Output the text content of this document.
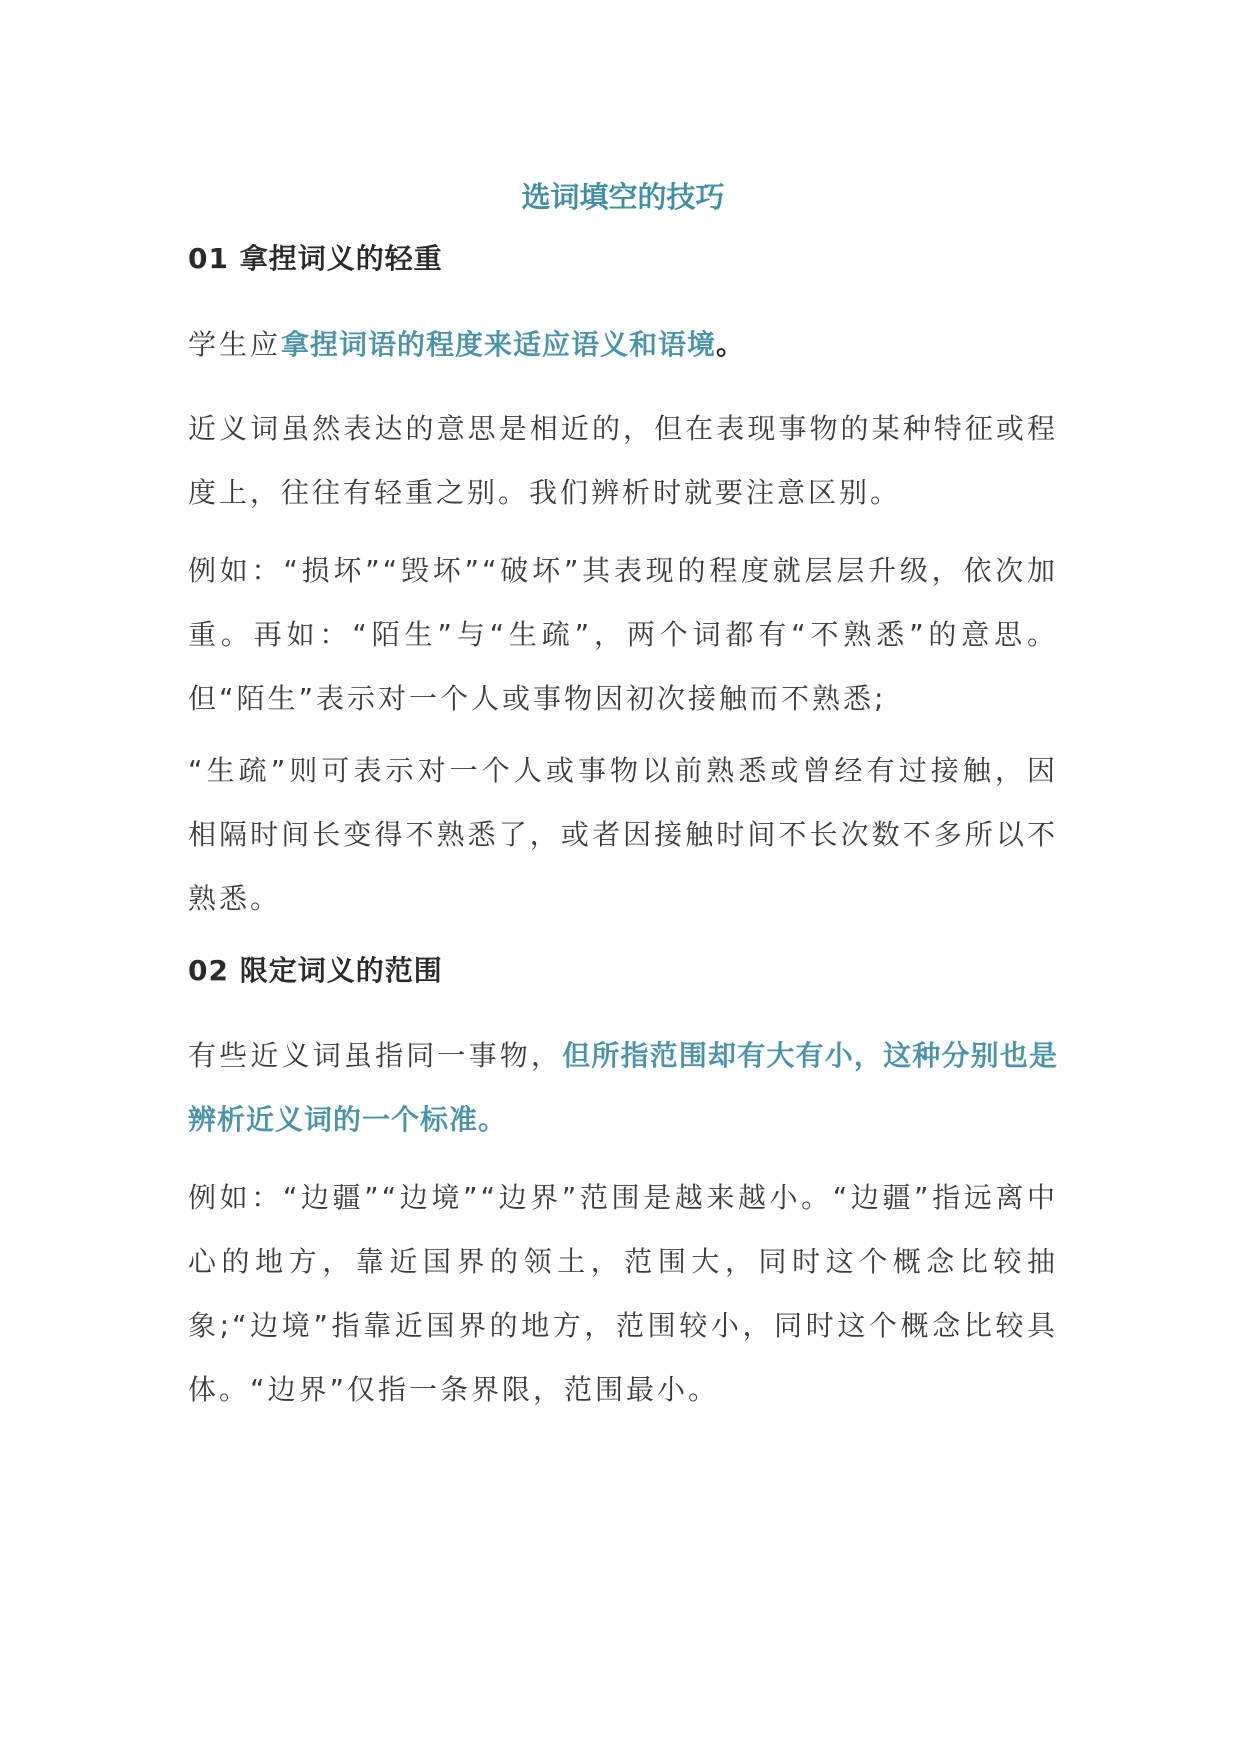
选词填空的技巧
01 拿捏词义的轻重

学生应拿捏词语的程度来适应语义和语境。

近义词虽然表达的意思是相近的，但在表现事物的某种特征或程度上，往往有轻重之别。我们辨析时就要注意区别。

例如：“损坏”“毁坏”“破坏”其表现的程度就层层升级，依次加重。再如：“陌生”与“生疏”，两个词都有“不熟悉”的意思。但“陌生”表示对一个人或事物因初次接触而不熟悉;

“生疏”则可表示对一个人或事物以前熟悉或曾经有过接触，因相隔时间长变得不熟悉了，或者因接触时间不长次数不多所以不熟悉。

02 限定词义的范围

有些近义词虽指同一事物，但所指范围却有大有小，这种分别也是辨析近义词的一个标准。

例如：“边疆”“边境”“边界”范围是越来越小。“边疆”指远离中心的地方，靠近国界的领土，范围大，同时这个概念比较抽象;“边境”指靠近国界的地方，范围较小，同时这个概念比较具体。“边界”仅指一条界限，范围最小。
